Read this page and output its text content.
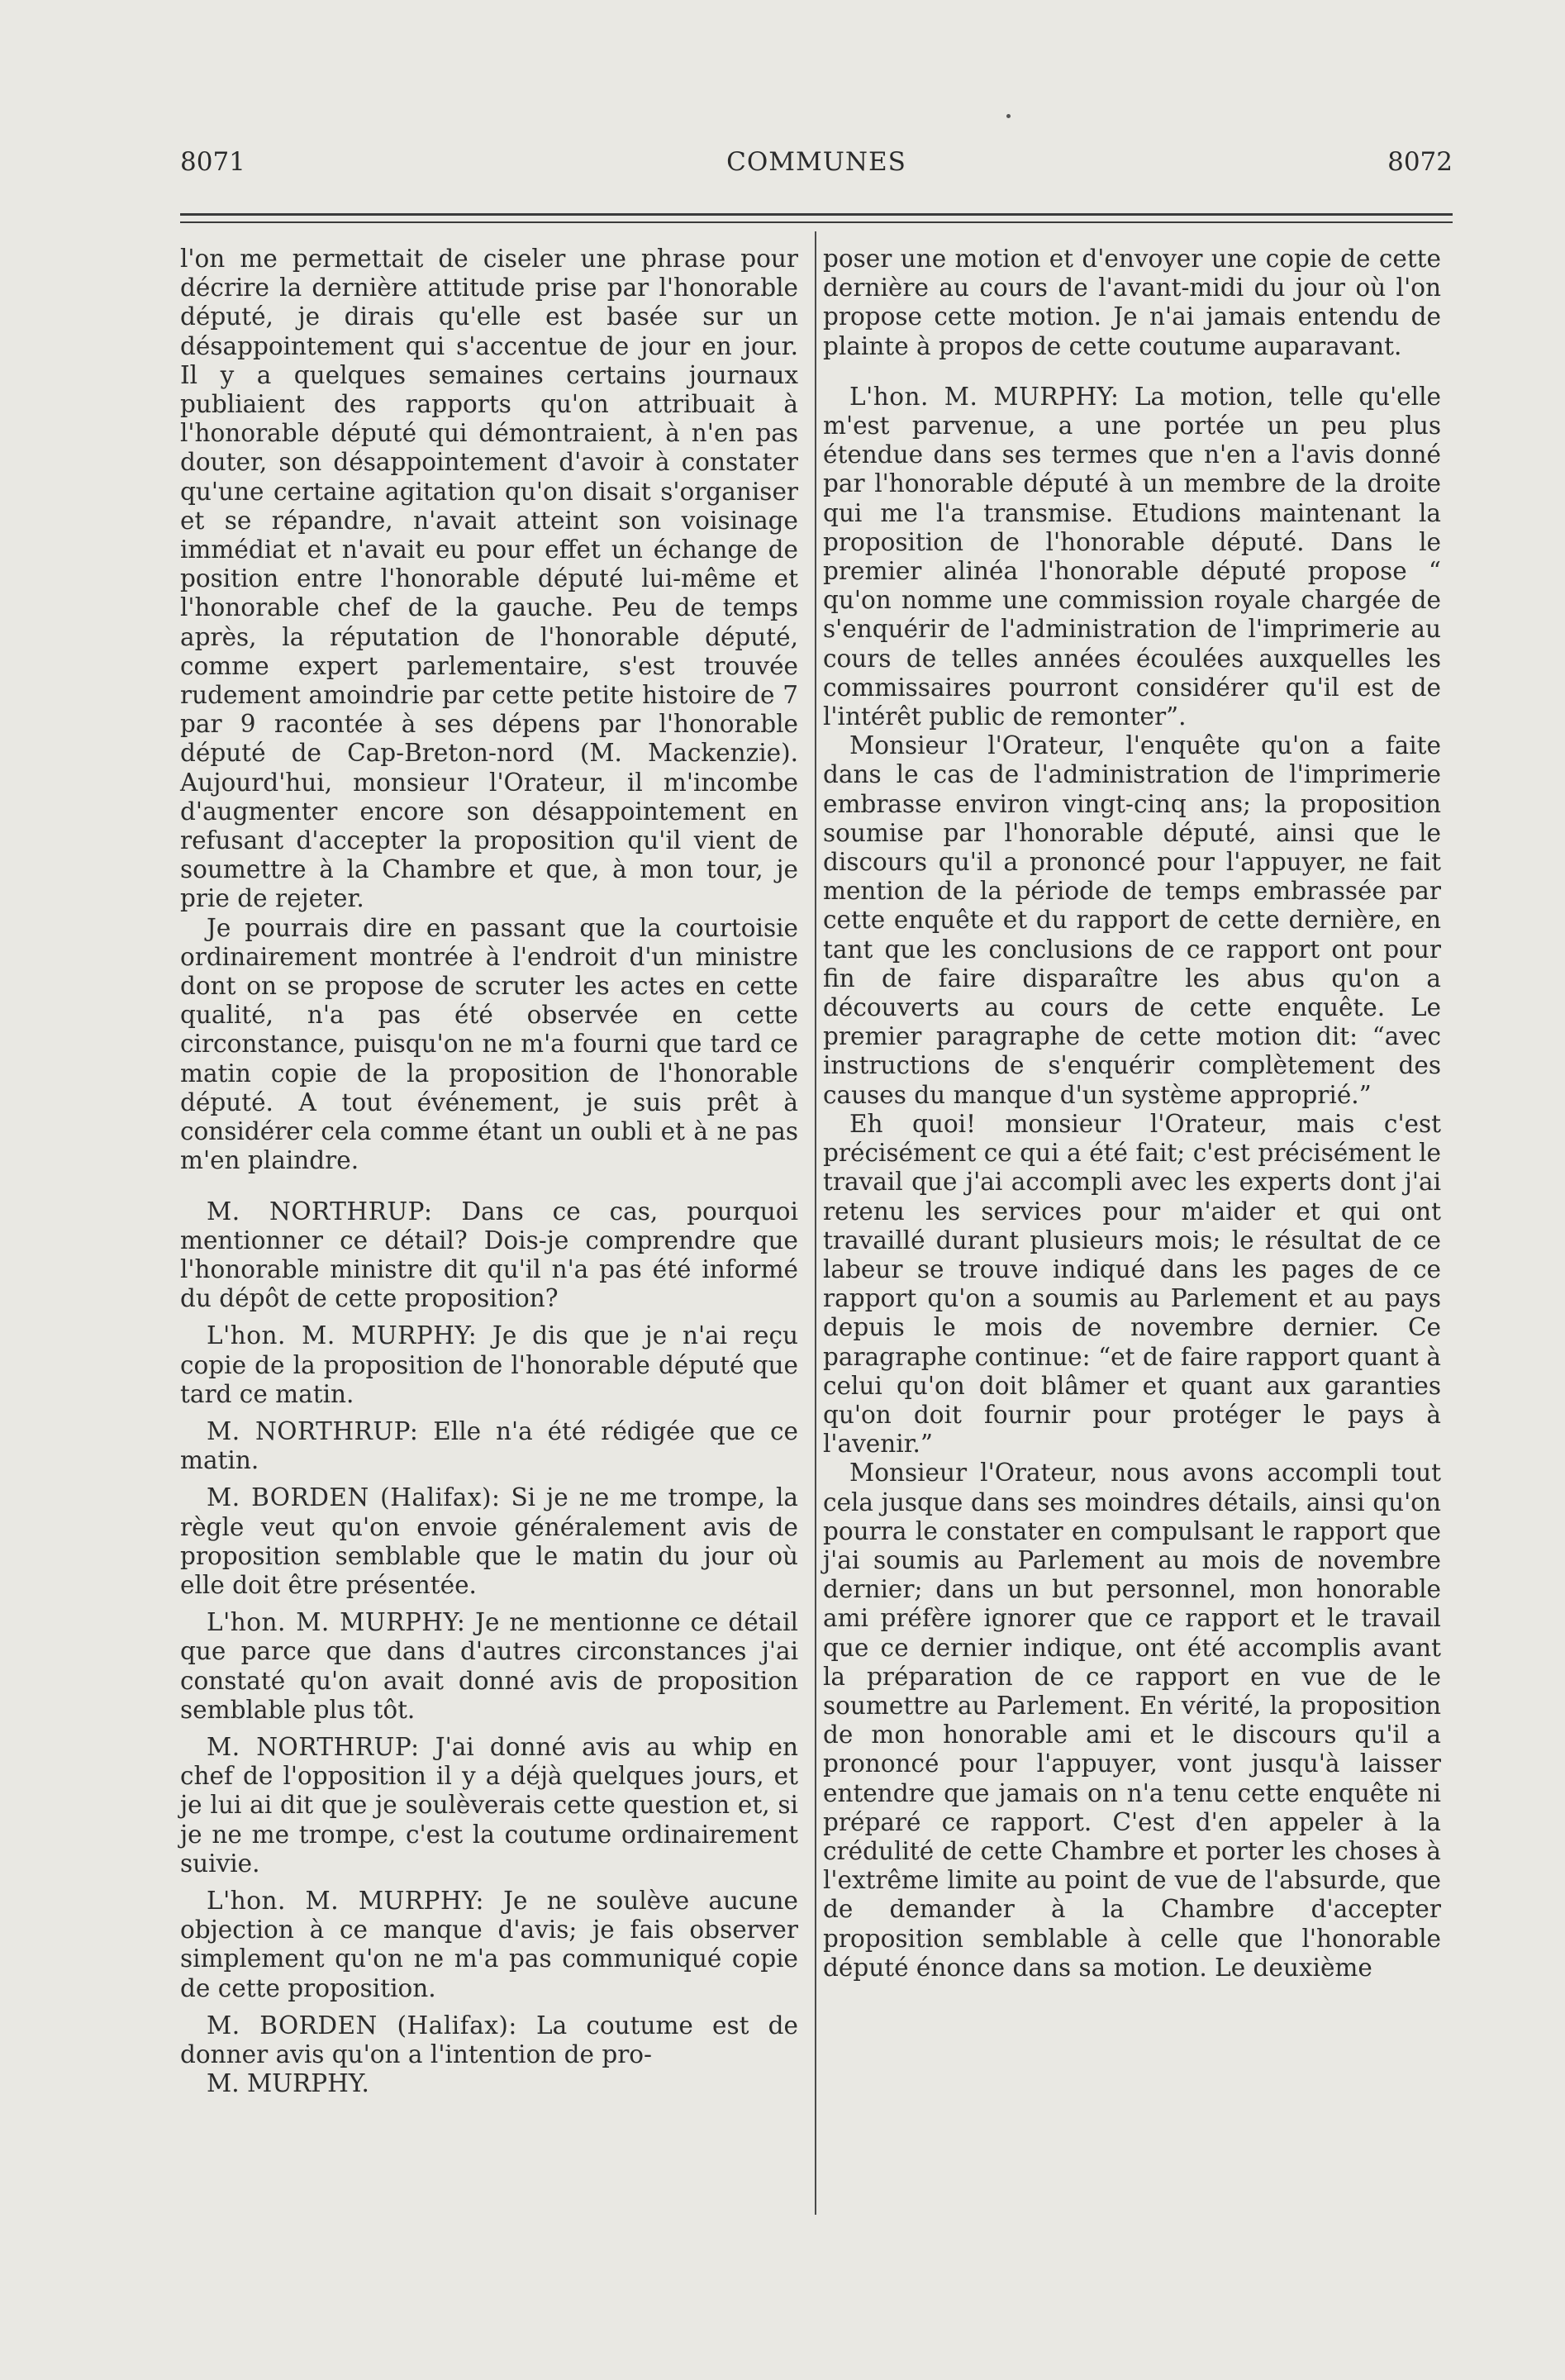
8071	COMMUNES	8072

l'on me permettait de ciseler une phrase pour décrire la dernière attitude prise par l'honorable député, je dirais qu'elle est basée sur un désappointement qui s'accentue de jour en jour. Il y a quelques semaines certains journaux publiaient des rapports qu'on attribuait à l'honorable député qui démontraient, à n'en pas douter, son désappointement d'avoir à constater qu'une certaine agitation qu'on disait s'organiser et se répandre, n'avait atteint son voisinage immédiat et n'avait eu pour effet un échange de position entre l'honorable député lui-même et l'honorable chef de la gauche. Peu de temps après, la réputation de l'honorable député, comme expert parlementaire, s'est trouvée rudement amoindrie par cette petite histoire de 7 par 9 racontée à ses dépens par l'honorable député de Cap-Breton-nord (M. Mackenzie). Aujourd'hui, monsieur l'Orateur, il m'incombe d'augmenter encore son désappointement en refusant d'accepter la proposition qu'il vient de soumettre à la Chambre et que, à mon tour, je prie de rejeter.

Je pourrais dire en passant que la courtoisie ordinairement montrée à l'endroit d'un ministre dont on se propose de scruter les actes en cette qualité, n'a pas été observée en cette circonstance, puisqu'on ne m'a fourni que tard ce matin copie de la proposition de l'honorable député. A tout événement, je suis prêt à considérer cela comme étant un oubli et à ne pas m'en plaindre.

M. NORTHRUP: Dans ce cas, pourquoi mentionner ce détail? Dois-je comprendre que l'honorable ministre dit qu'il n'a pas été informé du dépôt de cette proposition?

L'hon. M. MURPHY: Je dis que je n'ai reçu copie de la proposition de l'honorable député que tard ce matin.

M. NORTHRUP: Elle n'a été rédigée que ce matin.

M. BORDEN (Halifax): Si je ne me trompe, la règle veut qu'on envoie généralement avis de proposition semblable que le matin du jour où elle doit être présentée.

L'hon. M. MURPHY: Je ne mentionne ce détail que parce que dans d'autres circonstances j'ai constaté qu'on avait donné avis de proposition semblable plus tôt.

M. NORTHRUP: J'ai donné avis au whip en chef de l'opposition il y a déjà quelques jours, et je lui ai dit que je soulèverais cette question et, si je ne me trompe, c'est la coutume ordinairement suivie.

L'hon. M. MURPHY: Je ne soulève aucune objection à ce manque d'avis; je fais observer simplement qu'on ne m'a pas communiqué copie de cette proposition.

M. BORDEN (Halifax): La coutume est de donner avis qu'on a l'intention de pro-

M. MURPHY.

poser une motion et d'envoyer une copie de cette dernière au cours de l'avant-midi du jour où l'on propose cette motion. Je n'ai jamais entendu de plainte à propos de cette coutume auparavant.

L'hon. M. MURPHY: La motion, telle qu'elle m'est parvenue, a une portée un peu plus étendue dans ses termes que n'en a l'avis donné par l'honorable député à un membre de la droite qui me l'a transmise. Etudions maintenant la proposition de l'honorable député. Dans le premier alinéa l'honorable député propose “ qu'on nomme une commission royale chargée de s'enquérir de l'administration de l'imprimerie au cours de telles années écoulées auxquelles les commissaires pourront considérer qu'il est de l'intérêt public de remonter”.

Monsieur l'Orateur, l'enquête qu'on a faite dans le cas de l'administration de l'imprimerie embrasse environ vingt-cinq ans; la proposition soumise par l'honorable député, ainsi que le discours qu'il a prononcé pour l'appuyer, ne fait mention de la période de temps embrassée par cette enquête et du rapport de cette dernière, en tant que les conclusions de ce rapport ont pour fin de faire disparaître les abus qu'on a découverts au cours de cette enquête. Le premier paragraphe de cette motion dit: “avec instructions de s'enquérir complètement des causes du manque d'un système approprié.”

Eh quoi! monsieur l'Orateur, mais c'est précisément ce qui a été fait; c'est précisément le travail que j'ai accompli avec les experts dont j'ai retenu les services pour m'aider et qui ont travaillé durant plusieurs mois; le résultat de ce labeur se trouve indiqué dans les pages de ce rapport qu'on a soumis au Parlement et au pays depuis le mois de novembre dernier. Ce paragraphe continue: “et de faire rapport quant à celui qu'on doit blâmer et quant aux garanties qu'on doit fournir pour protéger le pays à l'avenir.”

Monsieur l'Orateur, nous avons accompli tout cela jusque dans ses moindres détails, ainsi qu'on pourra le constater en compulsant le rapport que j'ai soumis au Parlement au mois de novembre dernier; dans un but personnel, mon honorable ami préfère ignorer que ce rapport et le travail que ce dernier indique, ont été accomplis avant la préparation de ce rapport en vue de le soumettre au Parlement. En vérité, la proposition de mon honorable ami et le discours qu'il a prononcé pour l'appuyer, vont jusqu'à laisser entendre que jamais on n'a tenu cette enquête ni préparé ce rapport. C'est d'en appeler à la crédulité de cette Chambre et porter les choses à l'extrême limite au point de vue de l'absurde, que de demander à la Chambre d'accepter proposition semblable à celle que l'honorable député énonce dans sa motion. Le deuxième
